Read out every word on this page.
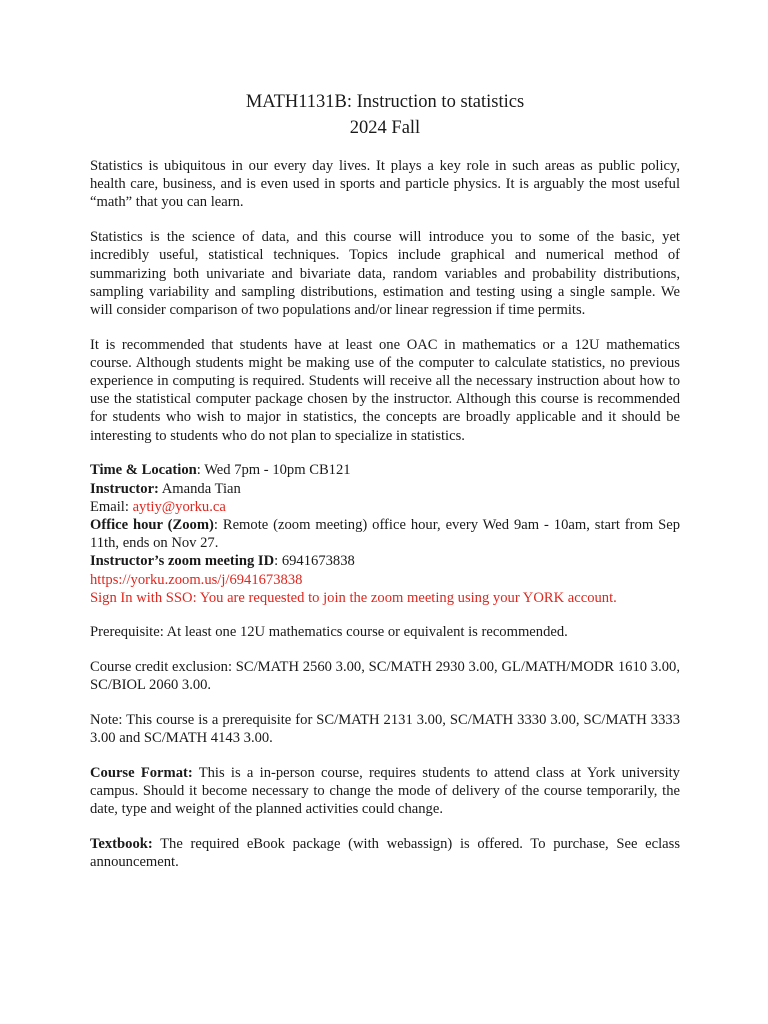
MATH1131B: Instruction to statistics
2024 Fall

Statistics is ubiquitous in our every day lives. It plays a key role in such areas as public policy, health care, business, and is even used in sports and particle physics. It is arguably the most useful “math” that you can learn.

Statistics is the science of data, and this course will introduce you to some of the basic, yet incredibly useful, statistical techniques. Topics include graphical and numerical method of summarizing both univariate and bivariate data, random variables and probability distributions, sampling variability and sampling distributions, estimation and testing using a single sample. We will consider comparison of two populations and/or linear regression if time permits.

It is recommended that students have at least one OAC in mathematics or a 12U mathematics course. Although students might be making use of the computer to calculate statistics, no previous experience in computing is required. Students will receive all the necessary instruction about how to use the statistical computer package chosen by the instructor. Although this course is recommended for students who wish to major in statistics, the concepts are broadly applicable and it should be interesting to students who do not plan to specialize in statistics.

Time & Location: Wed 7pm - 10pm CB121

Instructor: Amanda Tian

Email: aytiy@yorku.ca

Office hour (Zoom): Remote (zoom meeting) office hour, every Wed 9am - 10am, start from Sep 11th, ends on Nov 27.

Instructor’s zoom meeting ID: 6941673838

https://yorku.zoom.us/j/6941673838

Sign In with SSO: You are requested to join the zoom meeting using your YORK account.

Prerequisite: At least one 12U mathematics course or equivalent is recommended.

Course credit exclusion: SC/MATH 2560 3.00, SC/MATH 2930 3.00, GL/MATH/MODR 1610 3.00, SC/BIOL 2060 3.00.

Note: This course is a prerequisite for SC/MATH 2131 3.00, SC/MATH 3330 3.00, SC/MATH 3333 3.00 and SC/MATH 4143 3.00.

Course Format: This is a in-person course, requires students to attend class at York university campus. Should it become necessary to change the mode of delivery of the course temporarily, the date, type and weight of the planned activities could change.

Textbook: The required eBook package (with webassign) is offered. To purchase, See eclass announcement.
